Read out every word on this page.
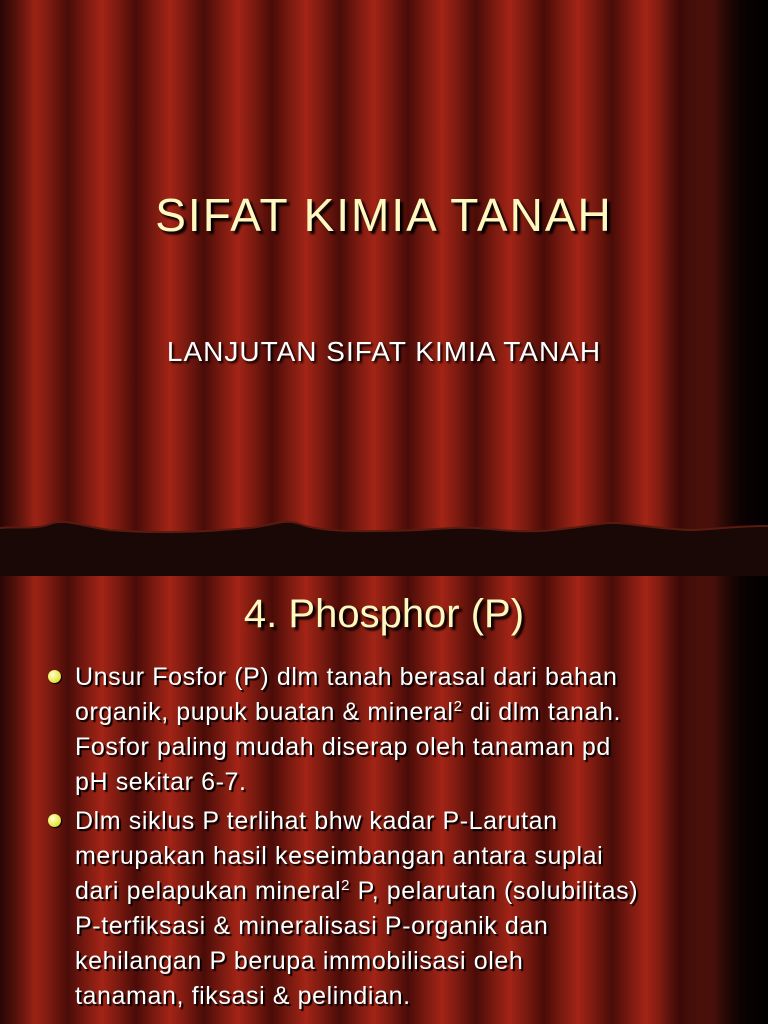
SIFAT KIMIA TANAH
LANJUTAN SIFAT KIMIA TANAH
4. Phosphor (P)
Unsur Fosfor (P) dlm tanah berasal dari bahan
organik, pupuk buatan & mineral$^2$ di dlm tanah.
Fosfor paling mudah diserap oleh tanaman pd
pH sekitar 6-7.
Dlm siklus P terlihat bhw kadar P-Larutan
merupakan hasil keseimbangan antara suplai
dari pelapukan mineral$^2$ P, pelarutan (solubilitas)
P-terfiksasi & mineralisasi P-organik dan
kehilangan P berupa immobilisasi oleh
tanaman, fiksasi & pelindian.
